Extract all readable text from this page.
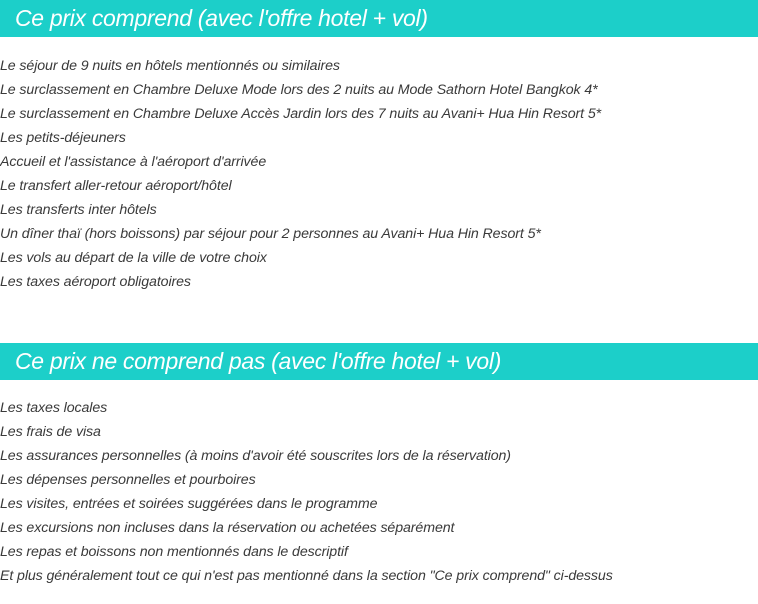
Ce prix comprend (avec l'offre hotel + vol)
Le séjour de 9 nuits en hôtels mentionnés ou similaires
Le surclassement en Chambre Deluxe Mode lors des 2 nuits au Mode Sathorn Hotel Bangkok 4*
Le surclassement en Chambre Deluxe Accès Jardin lors des 7 nuits au Avani+ Hua Hin Resort 5*
Les petits-déjeuners
Accueil et l'assistance à l'aéroport d'arrivée
Le transfert aller-retour aéroport/hôtel
Les transferts inter hôtels
Un dîner thaï (hors boissons) par séjour pour 2 personnes au Avani+ Hua Hin Resort 5*
Les vols au départ de la ville de votre choix
Les taxes aéroport obligatoires
Ce prix ne comprend pas (avec l'offre hotel + vol)
Les taxes locales
Les frais de visa
Les assurances personnelles (à moins d'avoir été souscrites lors de la réservation)
Les dépenses personnelles et pourboires
Les visites, entrées et soirées suggérées dans le programme
Les excursions non incluses dans la réservation ou achetées séparément
Les repas et boissons non mentionnés dans le descriptif
Et plus généralement tout ce qui n'est pas mentionné dans la section "Ce prix comprend" ci-dessus
